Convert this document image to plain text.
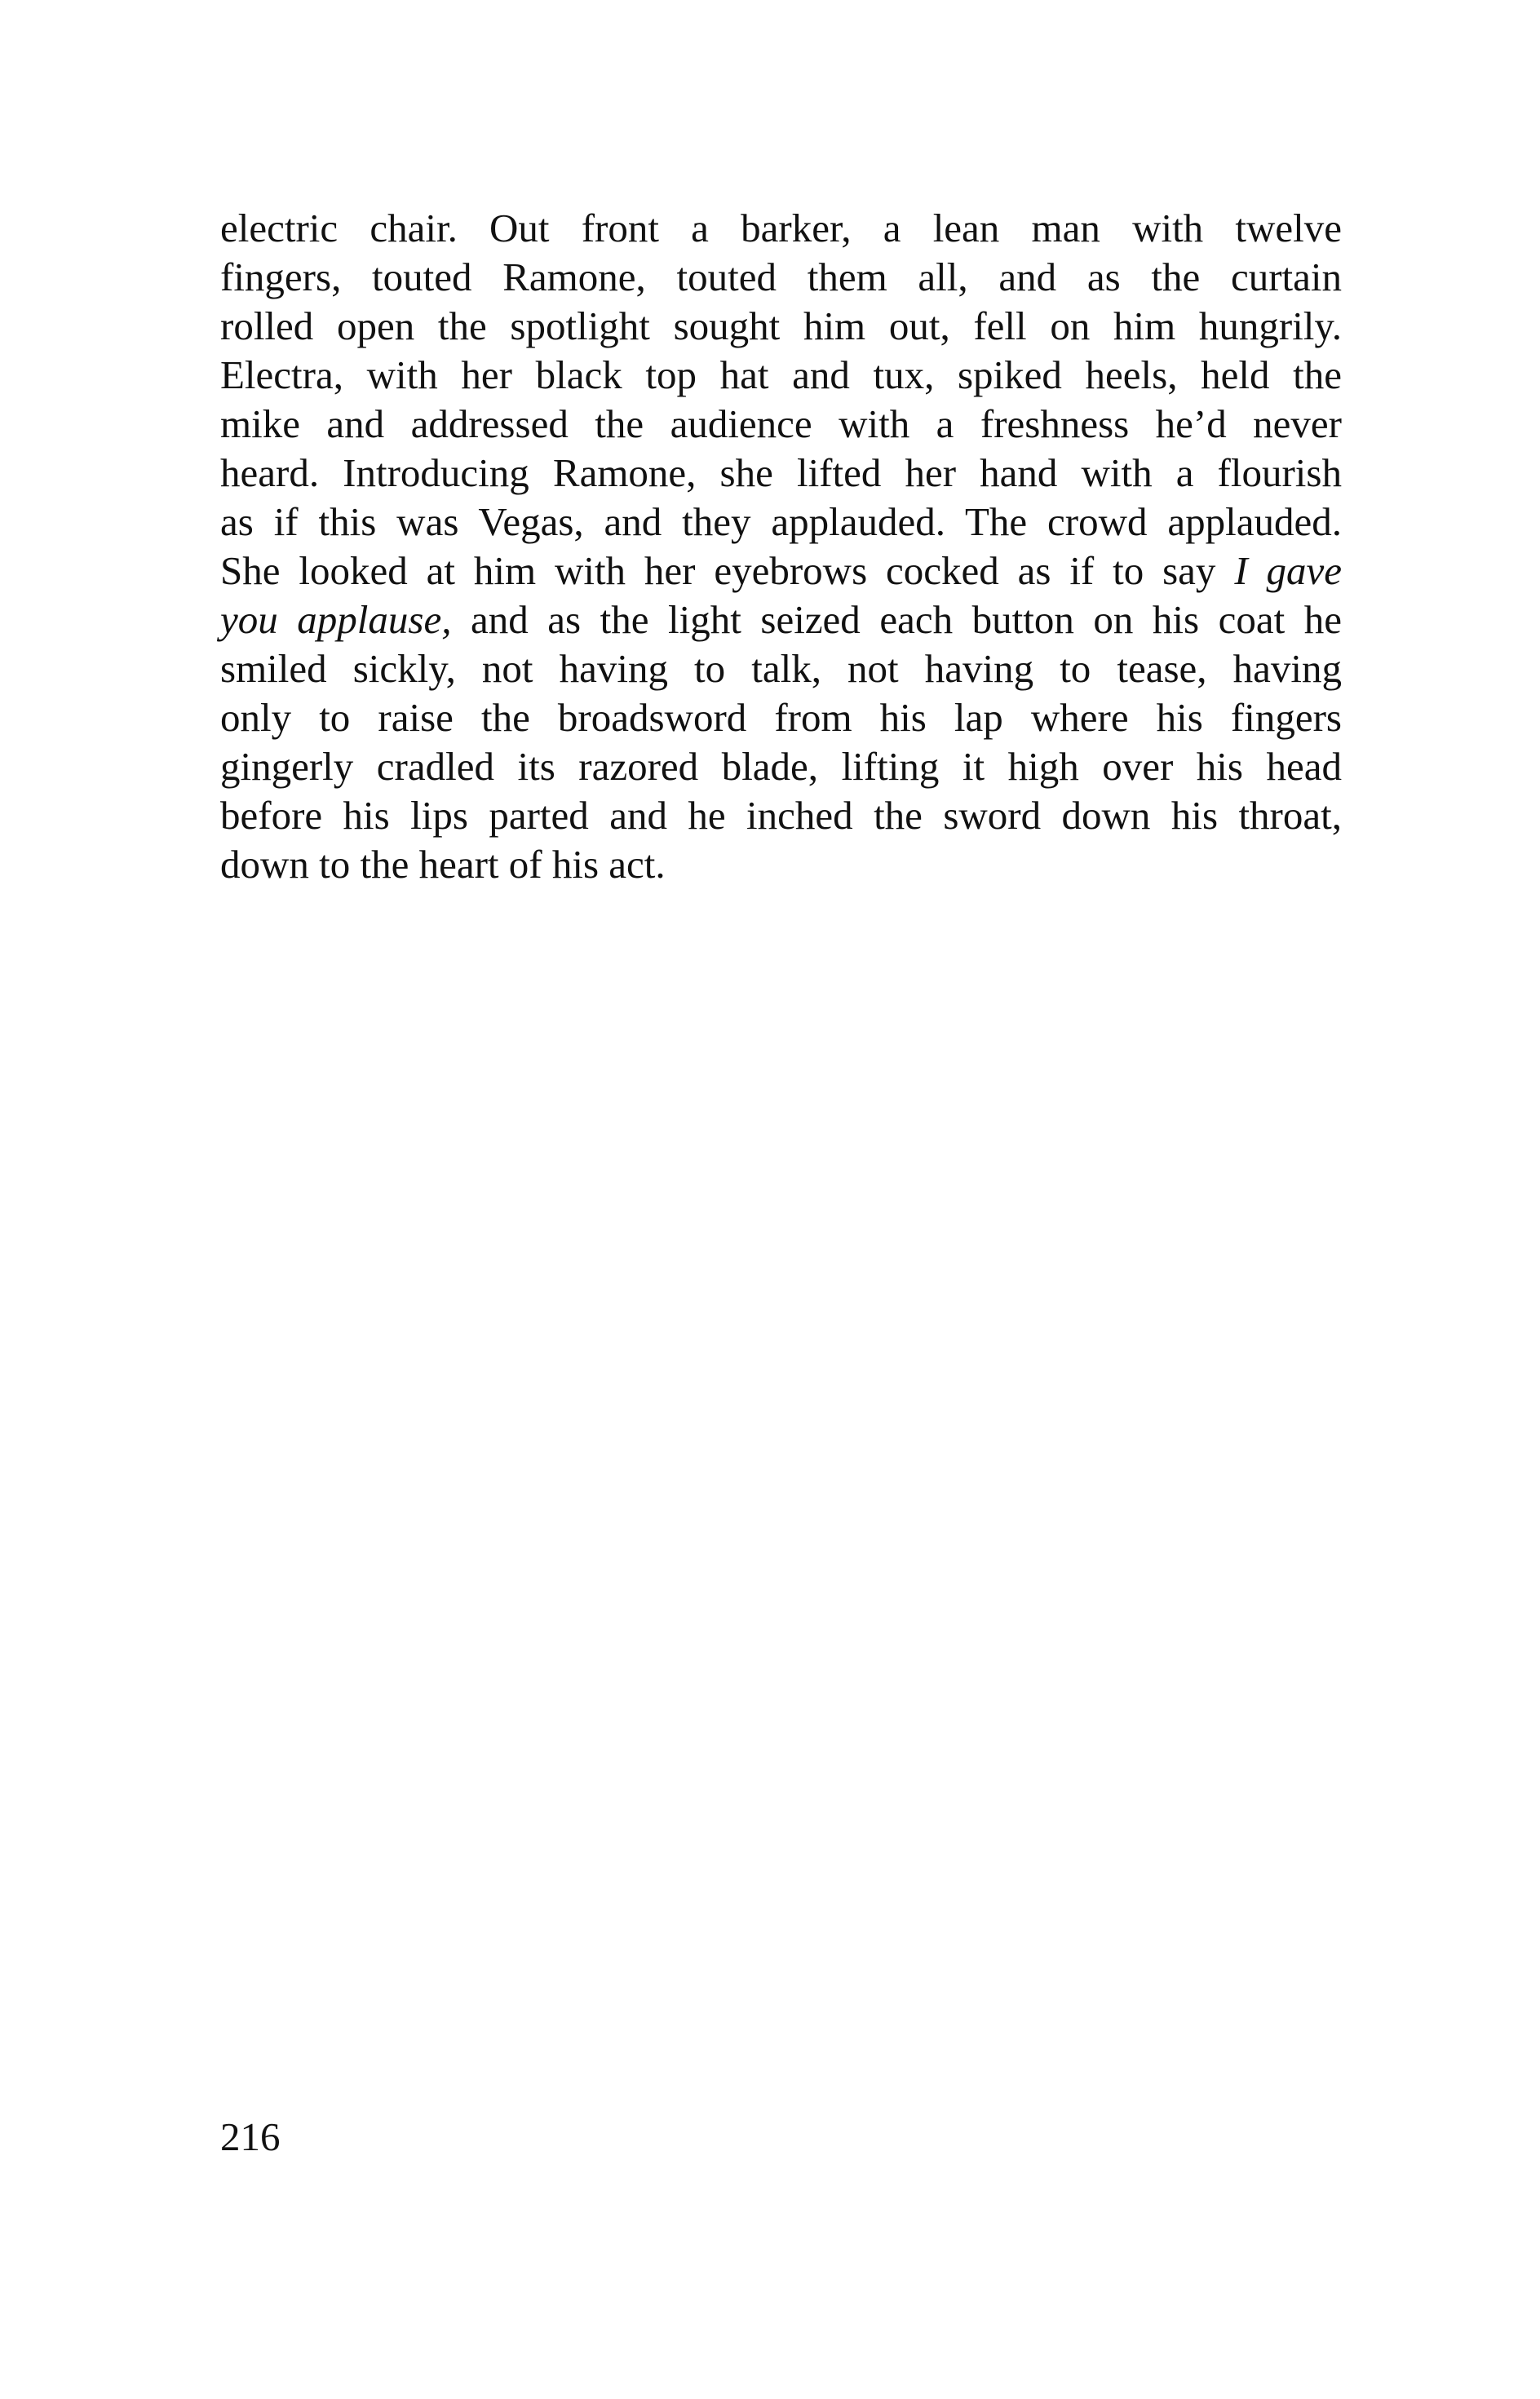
electric chair. Out front a barker, a lean man with twelve
fingers, touted Ramone, touted them all, and as the curtain
rolled open the spotlight sought him out, fell on him hungrily.
Electra, with her black top hat and tux, spiked heels, held the
mike and addressed the audience with a freshness he’d never
heard. Introducing Ramone, she lifted her hand with a flourish
as if this was Vegas, and they applauded. The crowd applauded.
She looked at him with her eyebrows cocked as if to say I gave
you applause, and as the light seized each button on his coat he
smiled sickly, not having to talk, not having to tease, having
only to raise the broadsword from his lap where his fingers
gingerly cradled its razored blade, lifting it high over his head
before his lips parted and he inched the sword down his throat,
down to the heart of his act.
216
